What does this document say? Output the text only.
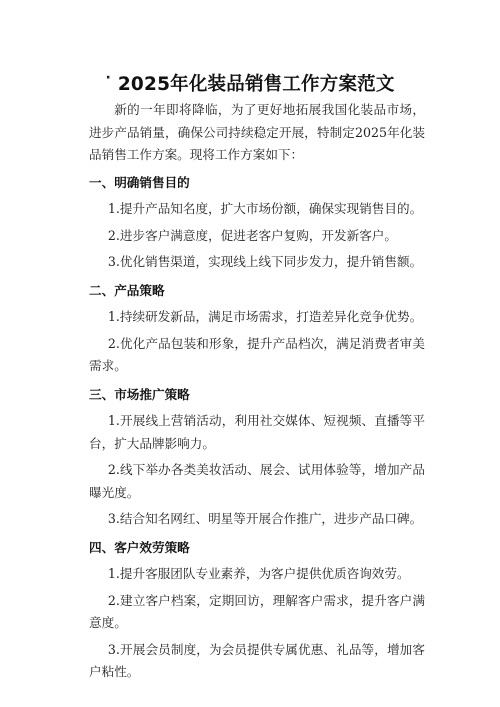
· 2025年化装品销售工作方案范文

新的一年即将降临，为了更好地拓展我国化装品市场，进步产品销量，确保公司持续稳定开展，特制定2025年化装品销售工作方案。现将工作方案如下：

一、明确销售目的

1.提升产品知名度，扩大市场份额，确保实现销售目的。

2.进步客户满意度，促进老客户复购，开发新客户。

3.优化销售渠道，实现线上线下同步发力，提升销售额。

二、产品策略

1.持续研发新品，满足市场需求，打造差异化竞争优势。

2.优化产品包装和形象，提升产品档次，满足消费者审美需求。

三、市场推广策略

1.开展线上营销活动，利用社交媒体、短视频、直播等平台，扩大品牌影响力。

2.线下举办各类美妆活动、展会、试用体验等，增加产品曝光度。

3.结合知名网红、明星等开展合作推广，进步产品口碑。

四、客户效劳策略

1.提升客服团队专业素养，为客户提供优质咨询效劳。

2.建立客户档案，定期回访，理解客户需求，提升客户满意度。

3.开展会员制度，为会员提供专属优惠、礼品等，增加客户粘性。
